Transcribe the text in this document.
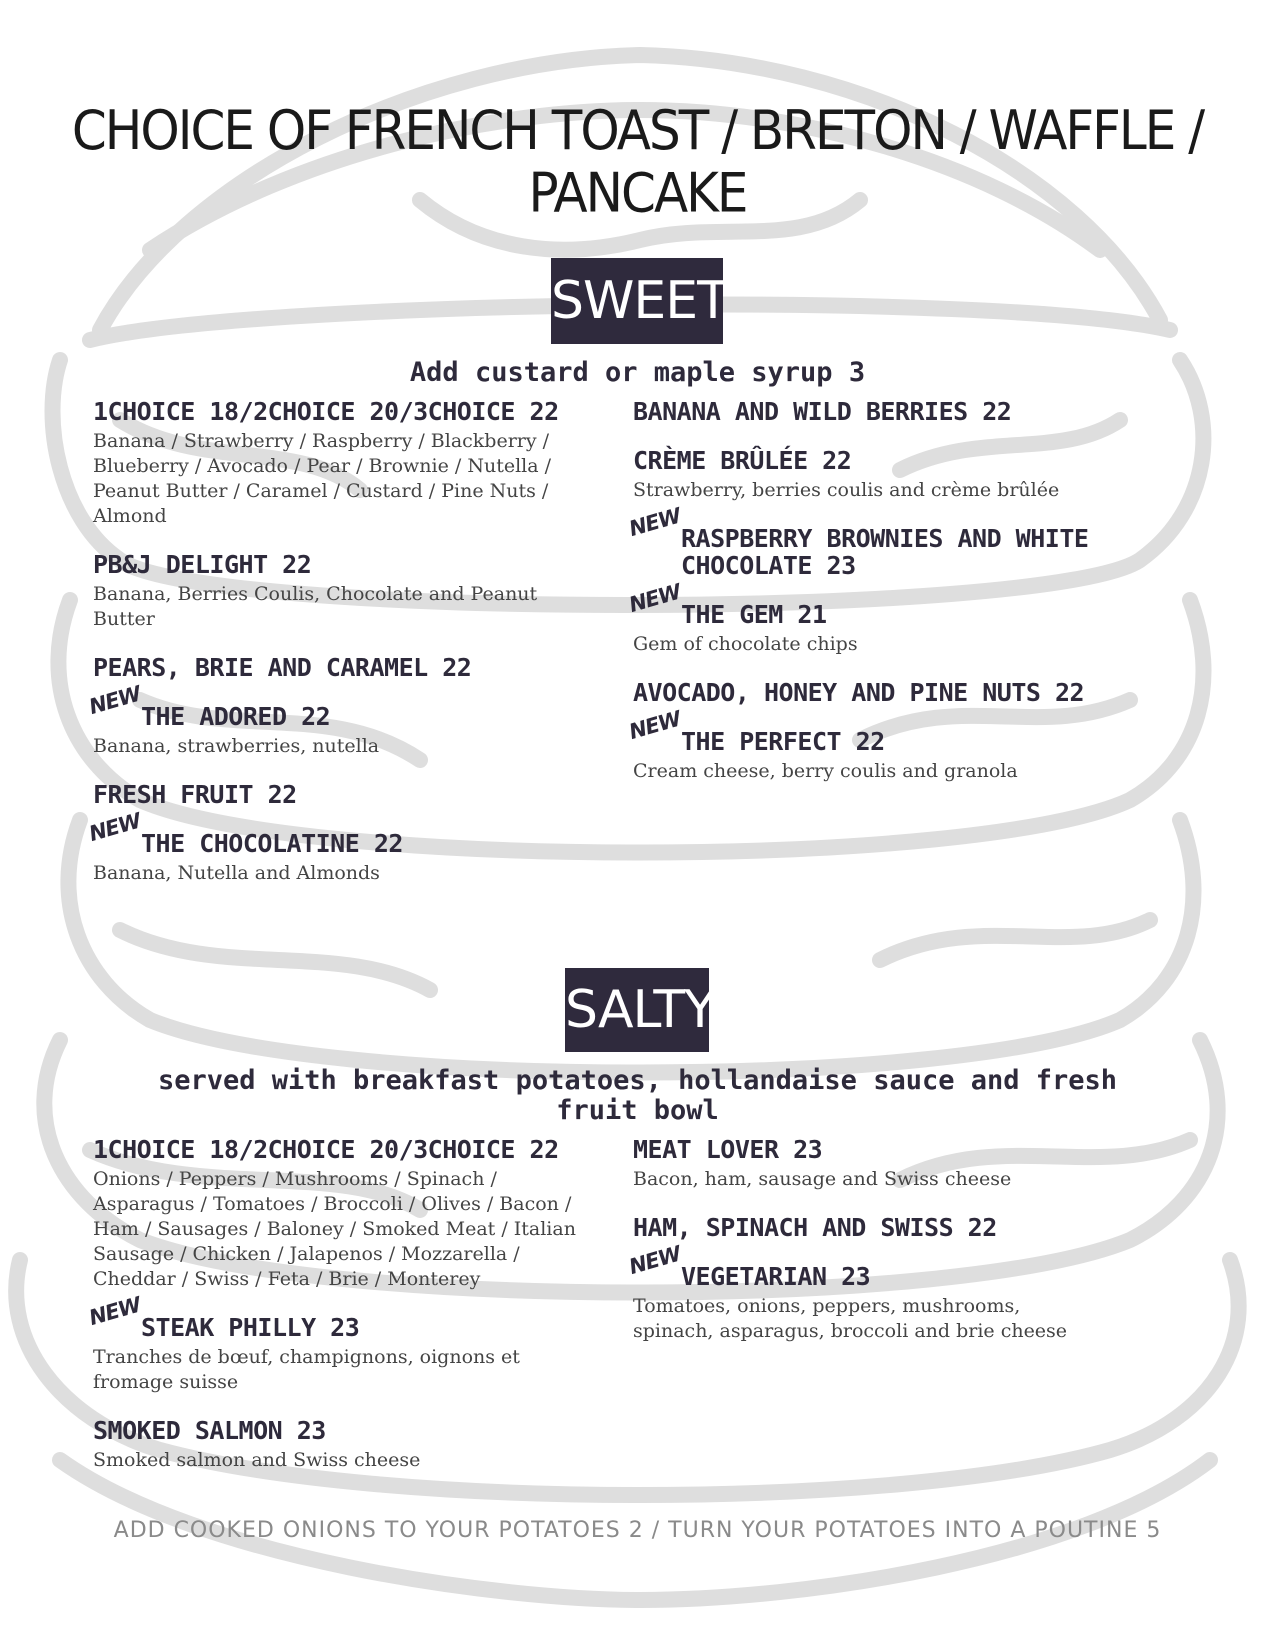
CHOICE OF FRENCH TOAST / BRETON / WAFFLE / PANCAKE
SWEET
Add custard or maple syrup 3
1CHOICE 18/2CHOICE 20/3CHOICE 22
Banana / Strawberry / Raspberry / Blackberry / Blueberry / Avocado / Pear / Brownie / Nutella / Peanut Butter / Caramel / Custard / Pine Nuts / Almond
PB&J DELIGHT 22
Banana, Berries Coulis, Chocolate and Peanut Butter
PEARS, BRIE AND CARAMEL 22
NEW
THE ADORED 22
Banana, strawberries, nutella
FRESH FRUIT 22
NEW
THE CHOCOLATINE 22
Banana, Nutella and Almonds
BANANA AND WILD BERRIES 22
CRÈME BRÛLÉE 22
Strawberry, berries coulis and crème brûlée
NEW
RASPBERRY BROWNIES AND WHITE CHOCOLATE 23
NEW
THE GEM 21
Gem of chocolate chips
AVOCADO, HONEY AND PINE NUTS 22
NEW
THE PERFECT 22
Cream cheese, berry coulis and granola
SALTY
served with breakfast potatoes, hollandaise sauce and fresh fruit bowl
1CHOICE 18/2CHOICE 20/3CHOICE 22
Onions / Peppers / Mushrooms / Spinach / Asparagus / Tomatoes / Broccoli / Olives / Bacon / Ham / Sausages / Baloney / Smoked Meat / Italian Sausage / Chicken / Jalapenos / Mozzarella / Cheddar / Swiss / Feta / Brie / Monterey
NEW
STEAK PHILLY 23
Tranches de bœuf, champignons, oignons et fromage suisse
SMOKED SALMON 23
Smoked salmon and Swiss cheese
MEAT LOVER 23
Bacon, ham, sausage and Swiss cheese
HAM, SPINACH AND SWISS 22
NEW
VEGETARIAN 23
Tomatoes, onions, peppers, mushrooms, spinach, asparagus, broccoli and brie cheese
ADD COOKED ONIONS TO YOUR POTATOES 2 / TURN YOUR POTATOES INTO A POUTINE 5
